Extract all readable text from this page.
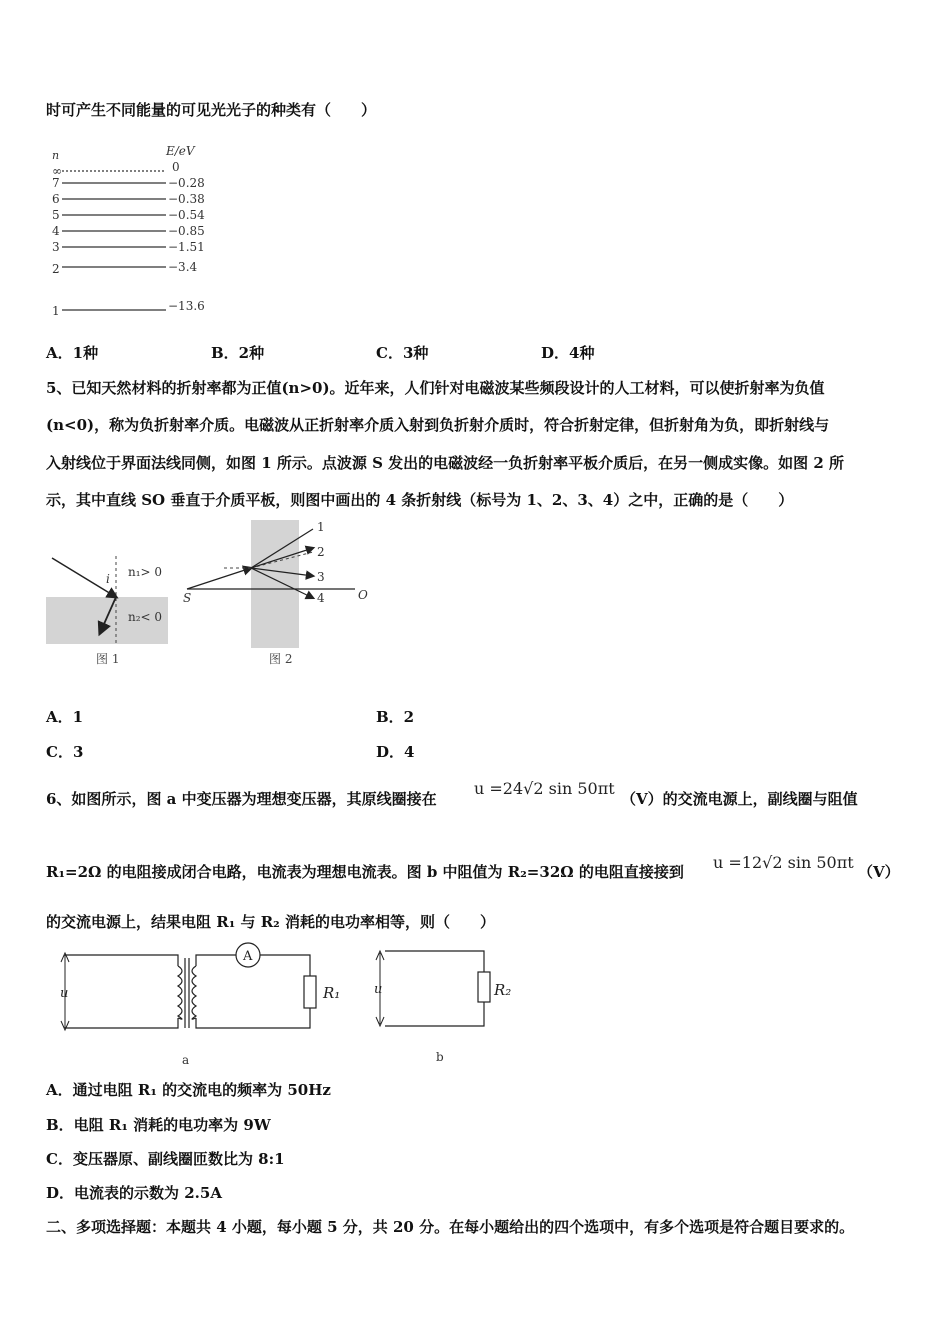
时可产生不同能量的可见光光子的种类有（　　）
n	E/eV
∞	0
7	−0.28
6	−0.38
5	−0.54
4	−0.85
3	−1.51
2	−3.4
1	−13.6
A．1种	B．2种	C．3种	D．4种
5、已知天然材料的折射率都为正值(n>0)。近年来，人们针对电磁波某些频段设计的人工材料，可以使折射率为负值
(n<0)，称为负折射率介质。电磁波从正折射率介质入射到负折射介质时，符合折射定律，但折射角为负，即折射线与
入射线位于界面法线同侧，如图 1 所示。点波源 S 发出的电磁波经一负折射率平板介质后，在另一侧成实像。如图 2 所
示，其中直线 SO 垂直于介质平板，则图中画出的 4 条折射线（标号为 1、2、3、4）之中，正确的是（　　）
i n₁> 0
n₂< 0
图 1
1
2
3
4
S	O
图 2
A．1	B．2
C．3	D．4
6、如图所示，图 a 中变压器为理想变压器，其原线圈接在
u =24√2 sin 50πt
（V）的交流电源上，副线圈与阻值
R₁=2Ω 的电阻接成闭合电路，电流表为理想电流表。图 b 中阻值为 R₂=32Ω 的电阻直接接到 u =12√2 sin 50πt （V）
的交流电源上，结果电阻 R₁ 与 R₂ 消耗的电功率相等，则（　　）
u
A
R₁
a
u	R₂
b
A．通过电阻 R₁ 的交流电的频率为 50Hz
B．电阻 R₁ 消耗的电功率为 9W
C．变压器原、副线圈匝数比为 8:1
D．电流表的示数为 2.5A
二、多项选择题：本题共 4 小题，每小题 5 分，共 20 分。在每小题给出的四个选项中，有多个选项是符合题目要求的。
